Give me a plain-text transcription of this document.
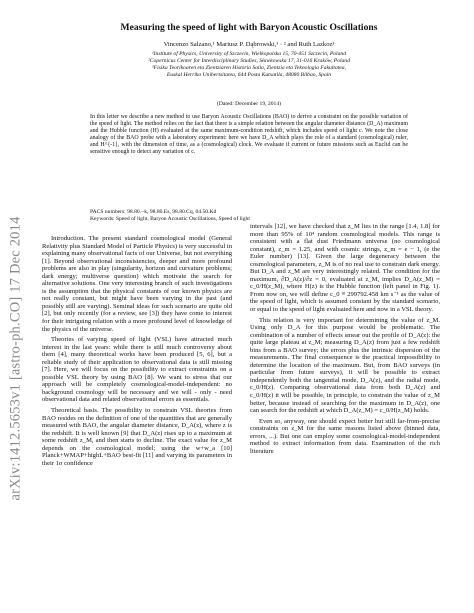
arXiv:1412.5653v1 [astro-ph.CO] 17 Dec 2014
Measuring the speed of light with Baryon Acoustic Oscillations
Vincenzo Salzano,¹ Mariusz P. Dąbrowski,¹ · ² and Ruth Lazkoz³
¹Institute of Physics, University of Szczecin, Wielkopolska 15, 70-451 Szczecin, Poland
²Copernicus Center for Interdisciplinary Studies, Sławkowska 17, 31-016 Kraków, Poland
³Fisika Teorikoaren eta Zientziaren Historia Saila, Zientzia eta Teknologia Fakultatea,
Euskal Herriko Unibertsitatea, 644 Posta Kutxatila, 48080 Bilbao, Spain
(Dated: December 19, 2014)
In this letter we describe a new method to use Baryon Acoustic Oscillations (BAO) to derive a constraint on the possible variation of the speed of light. The method relies on the fact that there is a simple relation between the angular diameter distance (D_A) maximum and the Hubble function (H) evaluated at the same maximum-condition redshift, which includes speed of light c. We note the close analogy of the BAO probe with a laboratory experiment: here we have D_A which plays the role of a standard (cosmological) ruler, and H^{-1}, with the dimension of time, as a (cosmological) clock. We evaluate if current or future missions such as Euclid can be sensitive enough to detect any variation of c.
PACS numbers: 98.80.−k, 98.80.Es, 98.80.Cq, 04.50.Kd
Keywords: Speed of light, Baryon Acoustic Oscillations, Speed of light

Introduction. The present standard cosmological model (General Relativity plus Standard Model of Particle Physics) is very successful in explaining many observational facts of our Universe, but not everything [1]. Beyond observational inconsistencies, deeper and more profound problems are also in play (singularity, horizon and curvature problems; dark energy; multiverse question) which motivate the search for alternative solutions. One very interesting branch of such investigations is the assumption that the physical constants of our known physics are not really constant, but might have been varying in the past (and possibly still are varying). Seminal ideas for such scenario are quite old [2], but only recently (for a review, see [3]) they have come to interest for their intriguing relation with a more profound level of knowledge of the physics of the universe.

Theories of varying speed of light (VSL) have attracted much interest in the last years: while there is still much controversy about them [4], many theoretical works have been produced [5, 6], but a reliable study of their application to observational data is still missing [7]. Here, we will focus on the possibility to extract constraints on a possible VSL theory by using BAO [8]. We want to stress that our approach will be completely cosmological-model-independent: no background cosmology will be necessary and we will - only - need observational data and related observational errors as essentials.

Theoretical basis. The possibility to constrain VSL theories from BAO resides on the definition of one of the quantities that are generally measured with BAO, the angular diameter distance, D_A(z), where z is the redshift. It is well known [9] that D_A(z) rises up to a maximum at some redshift z_M, and then starts to decline. The exact value for z_M depends on the cosmological model; using the w+w_a [10] Planck+WMAP+highL+BAO best-fit [11] and varying its parameters in their 1σ confidence

intervals [12], we have checked that z_M lies in the range [1.4, 1.8] for more than 95% of 10⁴ random cosmological models. This range is consistent with a flat dust Friedmann universe (no cosmological constant), z_m = 1.25, and with cosmic strings, z_m = e − 1, (e the Euler number) [13]. Given the large degeneracy between the cosmological parameters, z_M is of no real use to constrain dark energy. But D_A and z_M are very interestingly related. The condition for the maximum, ∂D_A(z)/∂z = 0, evaluated at z_M, implies D_A(z_M) = c_0/H(z_M), where H(z) is the Hubble function (left panel in Fig. 1). From now on, we will define c_0 ≡ 299792.458 km s⁻¹ as the value of the speed of light, which is assumed constant by the standard scenario, or equal to the speed of light evaluated here and now in a VSL theory.

This relation is very important for determining the value of z_M. Using only D_A for this purpose would be problematic. The combination of a number of effects smear out the profile of D_A(z): the quite large plateau at z_M; measuring D_A(z) from just a few redshift bins from a BAO survey; the errors plus the intrinsic dispersion of the measurements. The final consequence is the practical impossibility to determine the location of the maximum. But, from BAO surveys (in particular from future surveys), it will be possible to extract independently both the tangential mode, D_A(z), and the radial mode, c_0/H(z). Comparing observational data from both D_A(z) and c_0/H(z) it will be possible, in principle, to constrain the value of z_M better, because instead of searching for the maximum in D_A(z), one can search for the redshift at which D_A(z_M) = c_0/H(z_M) holds.

Even so, anyway, one should expect better but still far-from-precise constraints on z_M for the same reasons listed above (binned data, errors, ...). But one can employ some cosmological-model-independent method to extract information from data. Examination of the rich literature
